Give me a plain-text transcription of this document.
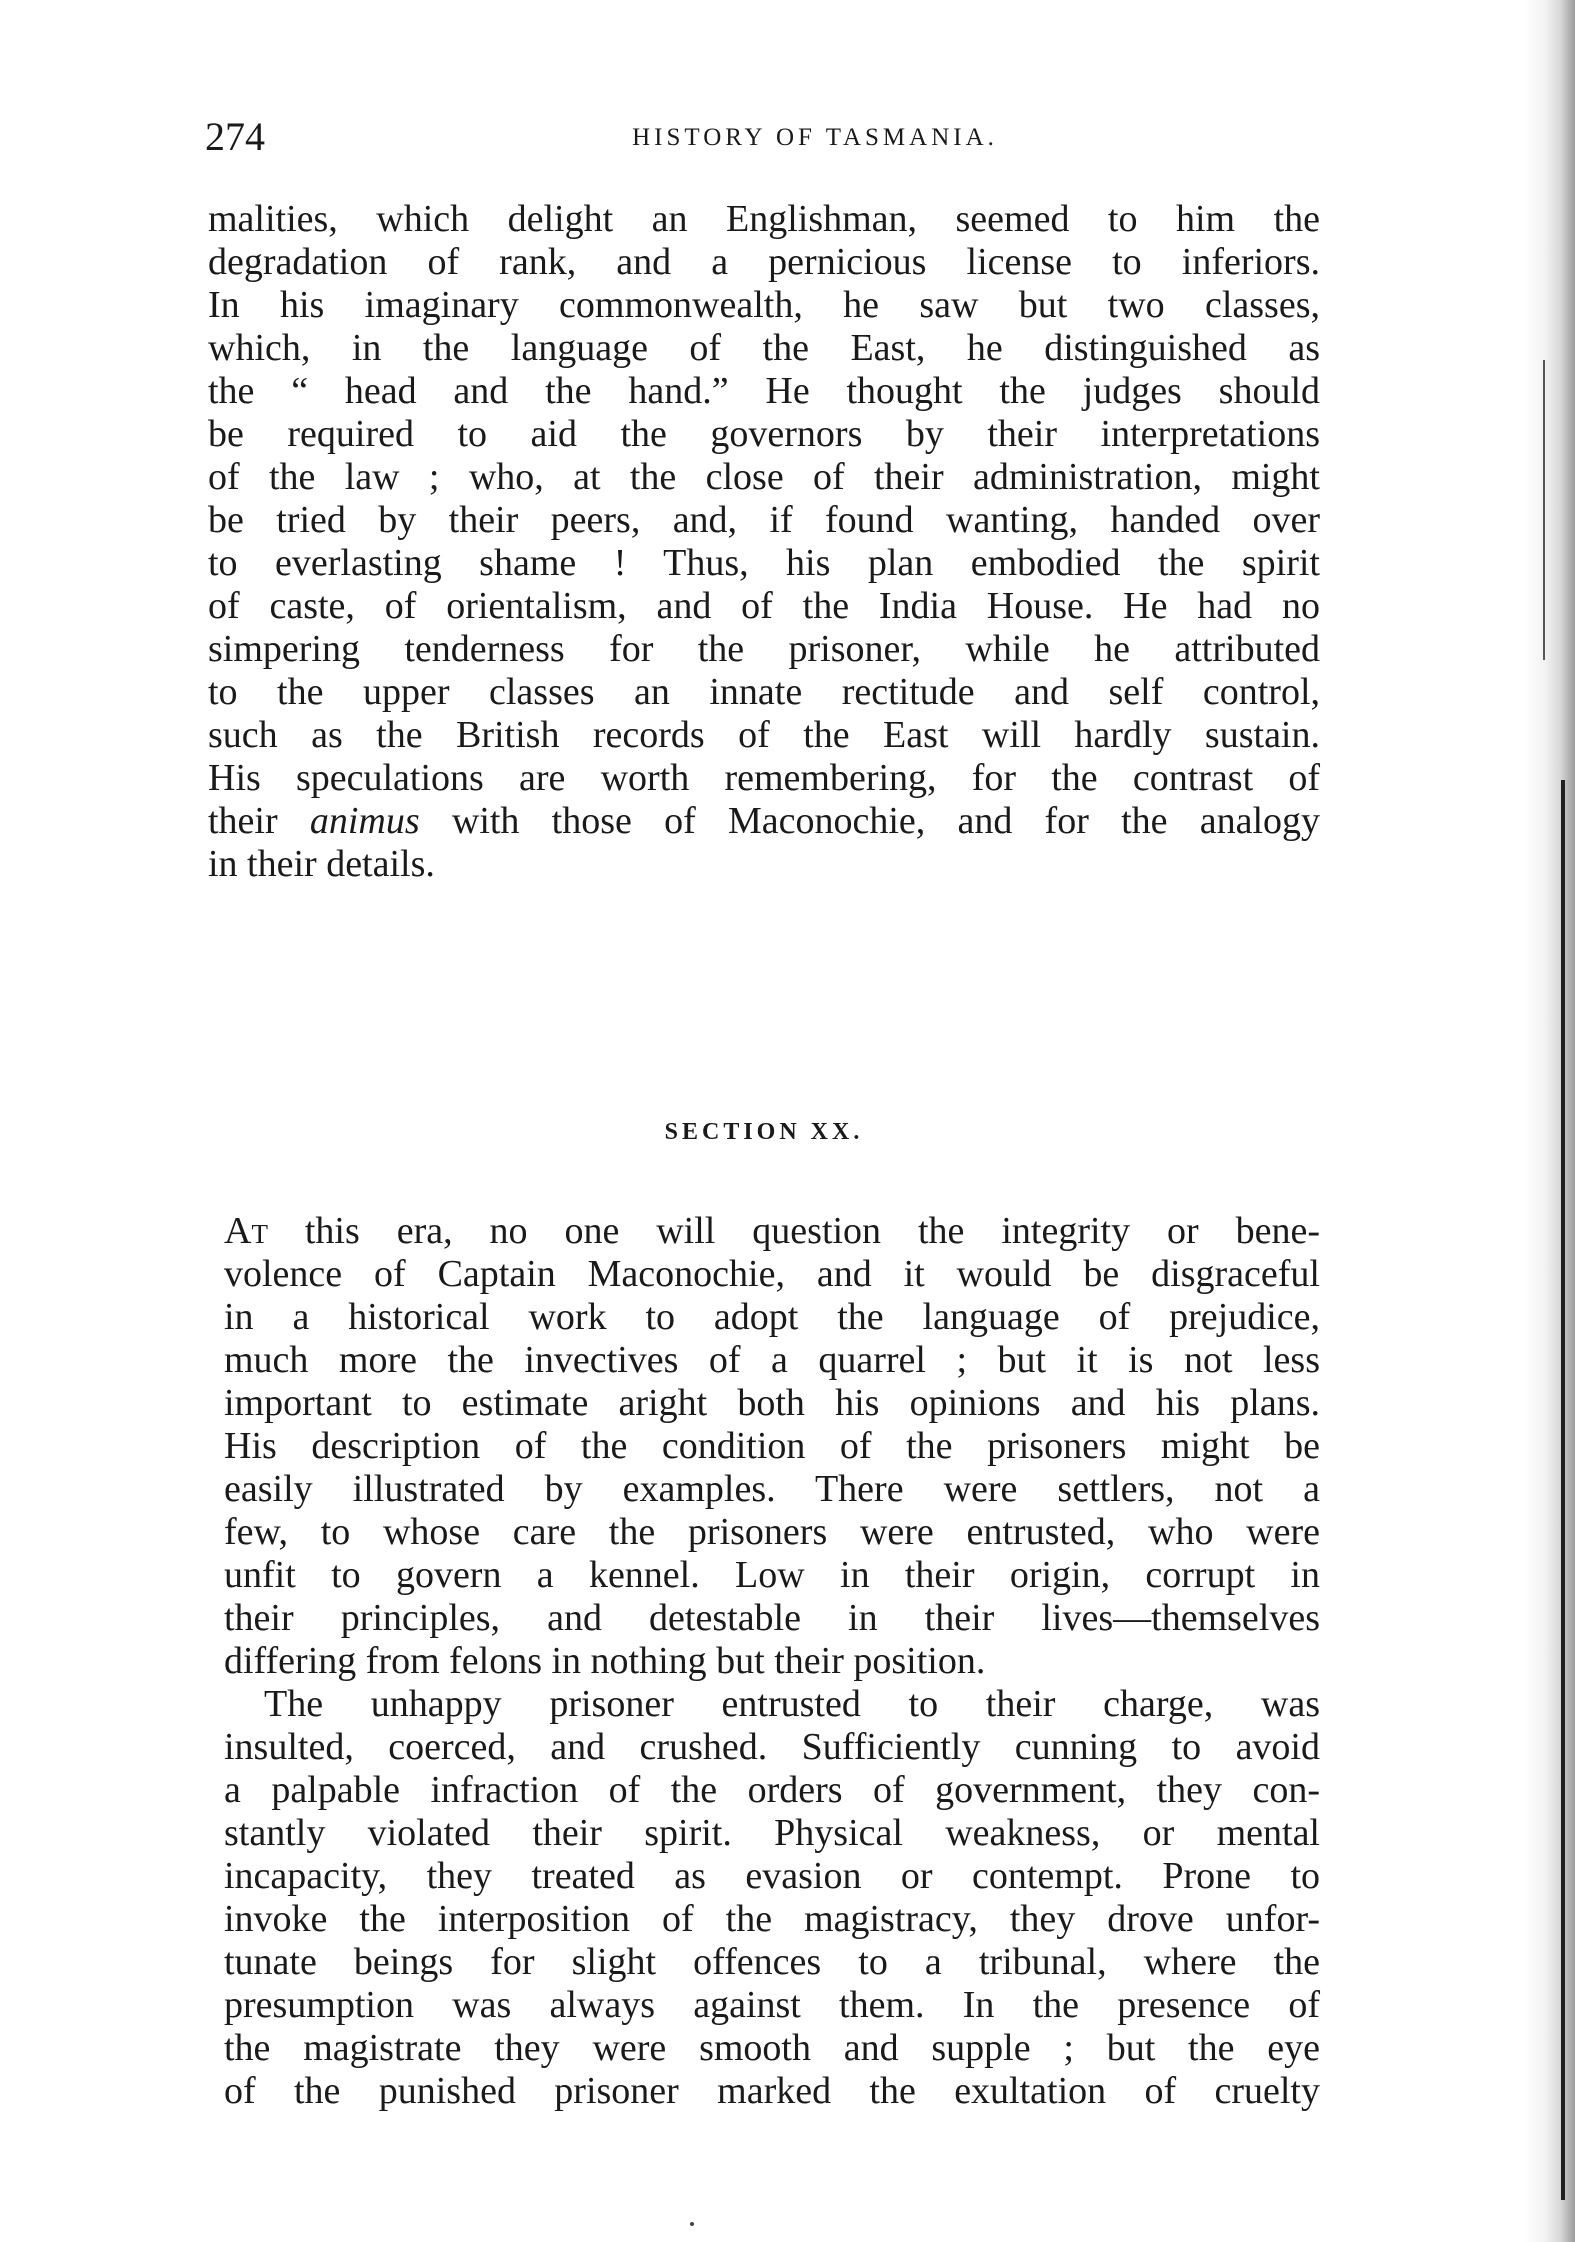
274	HISTORY OF TASMANIA.
malities, which delight an Englishman, seemed to him the
degradation of rank, and a pernicious license to inferiors.
In his imaginary commonwealth, he saw but two classes,
which, in the language of the East, he distinguished as
the “ head and the hand.” He thought the judges should
be required to aid the governors by their interpretations
of the law ; who, at the close of their administration, might
be tried by their peers, and, if found wanting, handed over
to everlasting shame ! Thus, his plan embodied the spirit
of caste, of orientalism, and of the India House. He had no
simpering tenderness for the prisoner, while he attributed
to the upper classes an innate rectitude and self control,
such as the British records of the East will hardly sustain.
His speculations are worth remembering, for the contrast of
their animus with those of Maconochie, and for the analogy
in their details.
SECTION XX.
At this era, no one will question the integrity or bene-
volence of Captain Maconochie, and it would be disgraceful
in a historical work to adopt the language of prejudice,
much more the invectives of a quarrel ; but it is not less
important to estimate aright both his opinions and his plans.
His description of the condition of the prisoners might be
easily illustrated by examples. There were settlers, not a
few, to whose care the prisoners were entrusted, who were
unfit to govern a kennel. Low in their origin, corrupt in
their principles, and detestable in their lives—themselves
differing from felons in nothing but their position.
The unhappy prisoner entrusted to their charge, was
insulted, coerced, and crushed. Sufficiently cunning to avoid
a palpable infraction of the orders of government, they con-
stantly violated their spirit. Physical weakness, or mental
incapacity, they treated as evasion or contempt. Prone to
invoke the interposition of the magistracy, they drove unfor-
tunate beings for slight offences to a tribunal, where the
presumption was always against them. In the presence of
the magistrate they were smooth and supple ; but the eye
of the punished prisoner marked the exultation of cruelty
